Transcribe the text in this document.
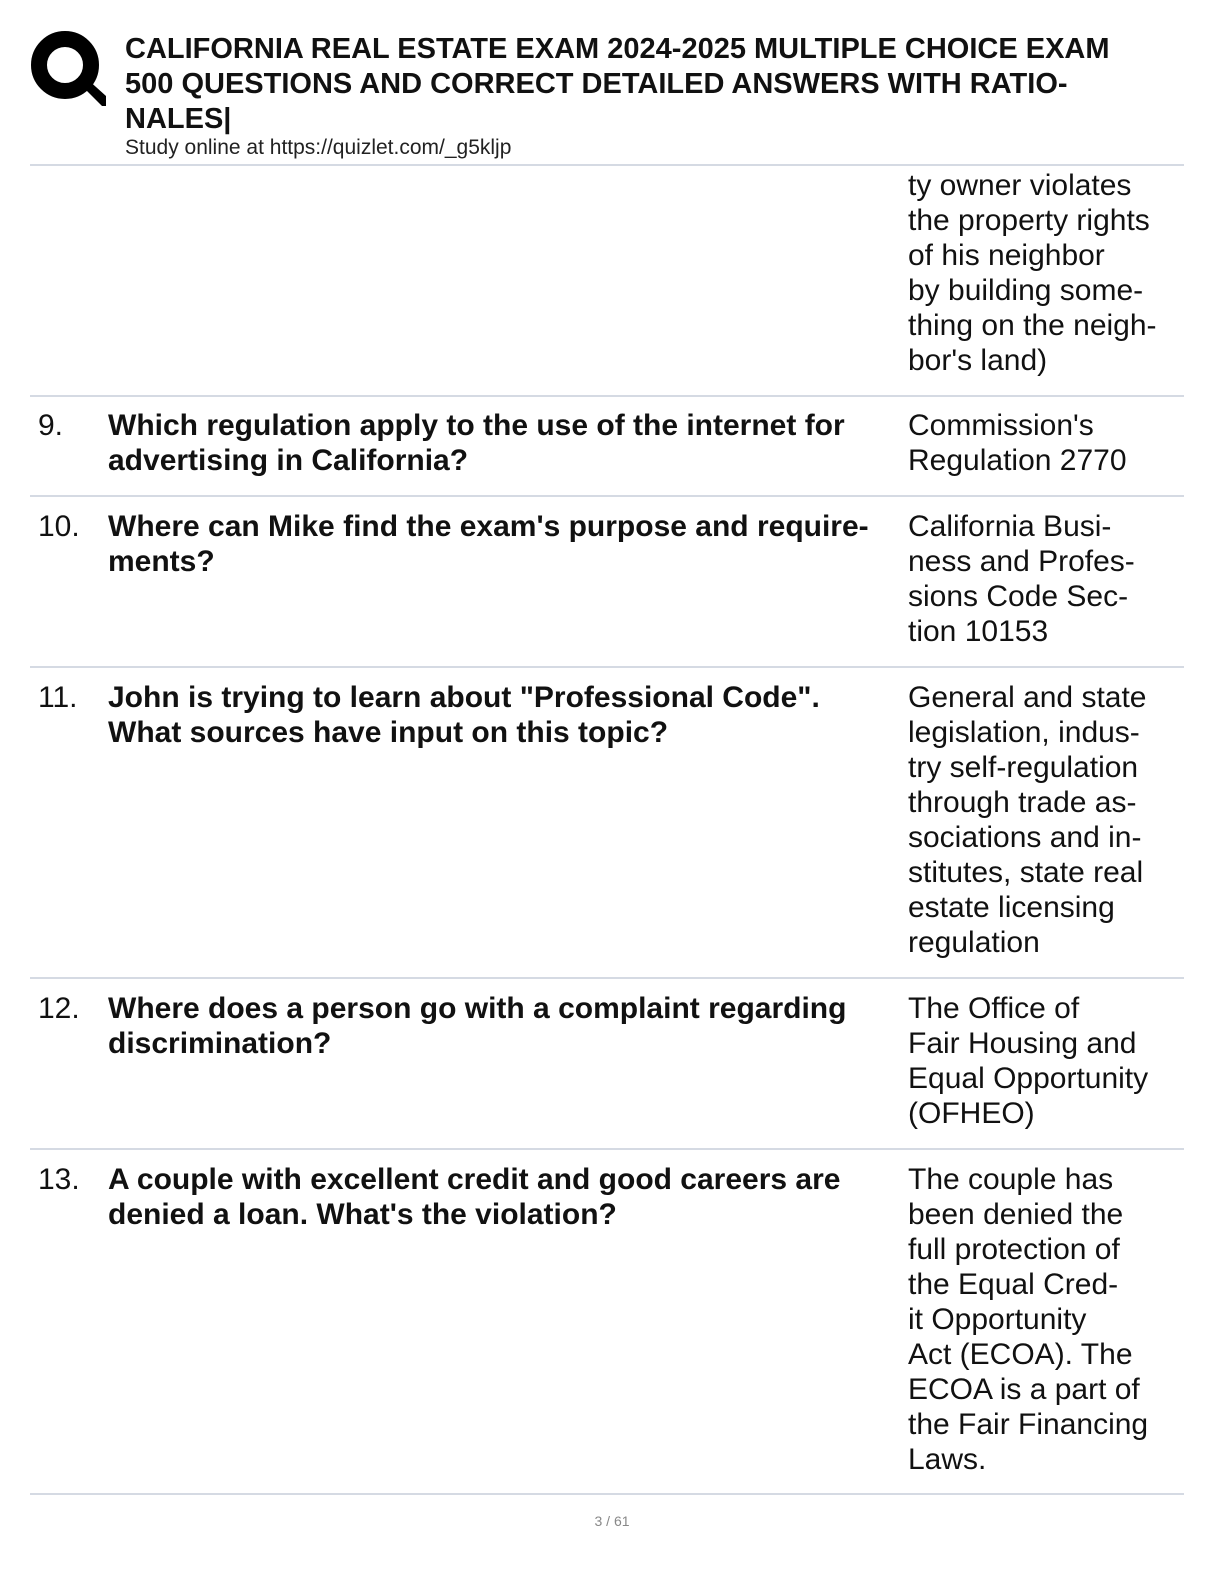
CALIFORNIA REAL ESTATE EXAM 2024-2025 MULTIPLE CHOICE EXAM
500 QUESTIONS AND CORRECT DETAILED ANSWERS WITH RATIO-
NALES|
Study online at https://quizlet.com/_g5kljp
ty owner violates
the property rights
of his neighbor
by building some-
thing on the neigh-
bor's land)
9. Which regulation apply to the use of the internet for
advertising in California?
Commission's
Regulation 2770
10. Where can Mike find the exam's purpose and require-
ments?
California Busi-
ness and Profes-
sions Code Sec-
tion 10153
11. John is trying to learn about "Professional Code".
What sources have input on this topic?
General and state
legislation, indus-
try self-regulation
through trade as-
sociations and in-
stitutes, state real
estate licensing
regulation
12. Where does a person go with a complaint regarding
discrimination?
The Office of
Fair Housing and
Equal Opportunity
(OFHEO)
13. A couple with excellent credit and good careers are
denied a loan. What's the violation?
The couple has
been denied the
full protection of
the Equal Cred-
it Opportunity
Act (ECOA). The
ECOA is a part of
the Fair Financing
Laws.
3 / 61
